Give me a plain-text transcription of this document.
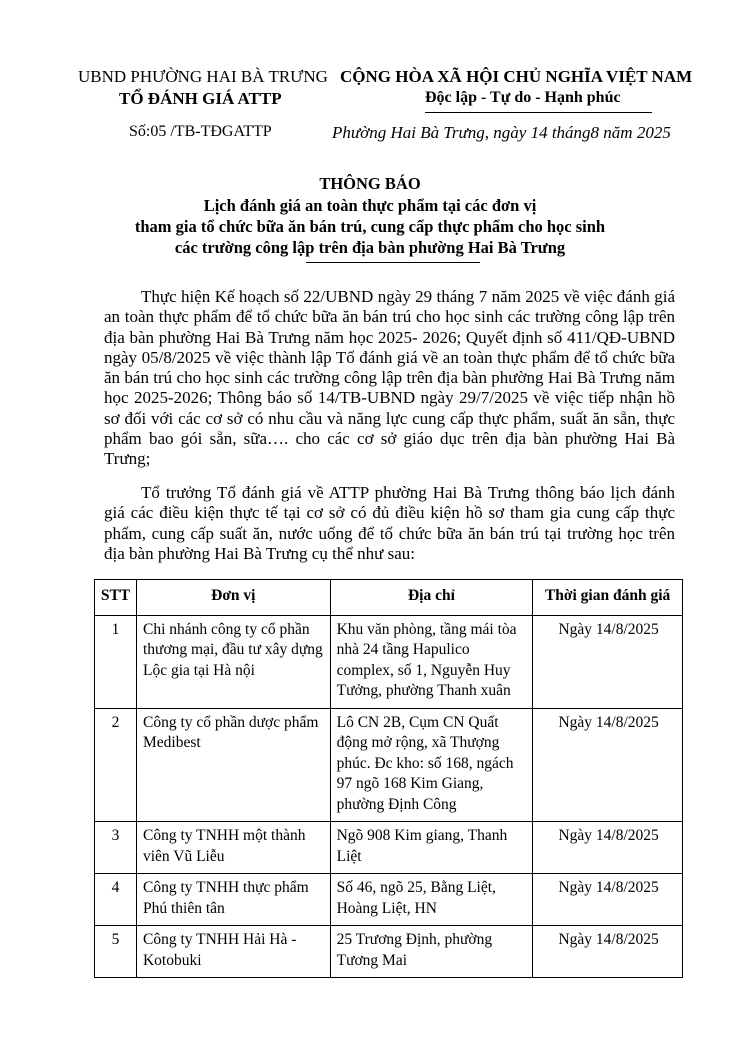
UBND PHƯỜNG HAI BÀ TRƯNG
TỔ ĐÁNH GIÁ ATTP
Số:05 /TB-TĐGATTP
CỘNG HÒA XÃ HỘI CHỦ NGHĨA VIỆT NAM
Độc lập - Tự do - Hạnh phúc
Phường Hai Bà Trưng, ngày 14 tháng8 năm 2025
THÔNG BÁO
Lịch đánh giá an toàn thực phẩm tại các đơn vị
tham gia tổ chức bữa ăn bán trú, cung cấp thực phẩm cho học sinh
các trường công lập trên địa bàn phường Hai Bà Trưng

Thực hiện Kế hoạch số 22/UBND ngày 29 tháng 7 năm 2025 về việc đánh giá an toàn thực phẩm để tổ chức bữa ăn bán trú cho học sinh các trường công lập trên địa bàn phường Hai Bà Trưng năm học 2025- 2026; Quyết định số 411/QĐ-UBND ngày 05/8/2025 về việc thành lập Tổ đánh giá về an toàn thực phẩm để tổ chức bữa ăn bán trú cho học sinh các trường công lập trên địa bàn phường Hai Bà Trưng năm học 2025-2026; Thông báo số 14/TB-UBND ngày 29/7/2025 về việc tiếp nhận hồ sơ đối với các cơ sở có nhu cầu và năng lực cung cấp thực phẩm, suất ăn sẵn, thực phẩm bao gói sẵn, sữa…. cho các cơ sở giáo dục trên địa bàn phường Hai Bà Trưng;

Tổ trưởng Tổ đánh giá về ATTP phường Hai Bà Trưng thông báo lịch đánh giá các điều kiện thực tế tại cơ sở có đủ điều kiện hồ sơ tham gia cung cấp thực phẩm, cung cấp suất ăn, nước uống để tổ chức bữa ăn bán trú tại trường học trên địa bàn phường Hai Bà Trưng cụ thể như sau:

STT	Đơn vị	Địa chỉ	Thời gian đánh giá
1	Chi nhánh công ty cổ phần thương mại, đầu tư xây dựng Lộc gia tại Hà nội	Khu văn phòng, tầng mái tòa nhà 24 tầng Hapulico complex, số 1, Nguyễn Huy Tưởng, phường Thanh xuân	Ngày 14/8/2025
2	Công ty cổ phần dược phẩm Medibest	Lô CN 2B, Cụm CN Quất động mở rộng, xã Thượng phúc. Đc kho: số 168, ngách 97 ngõ 168 Kim Giang, phường Định Công	Ngày 14/8/2025
3	Công ty TNHH một thành viên Vũ Liễu	Ngõ 908 Kim giang, Thanh Liệt	Ngày 14/8/2025
4	Công ty TNHH thực phẩm Phú thiên tân	Số 46, ngõ 25, Bằng Liệt, Hoàng Liệt, HN	Ngày 14/8/2025
5	Công ty TNHH Hải Hà - Kotobuki	25 Trương Định, phường Tương Mai	Ngày 14/8/2025
